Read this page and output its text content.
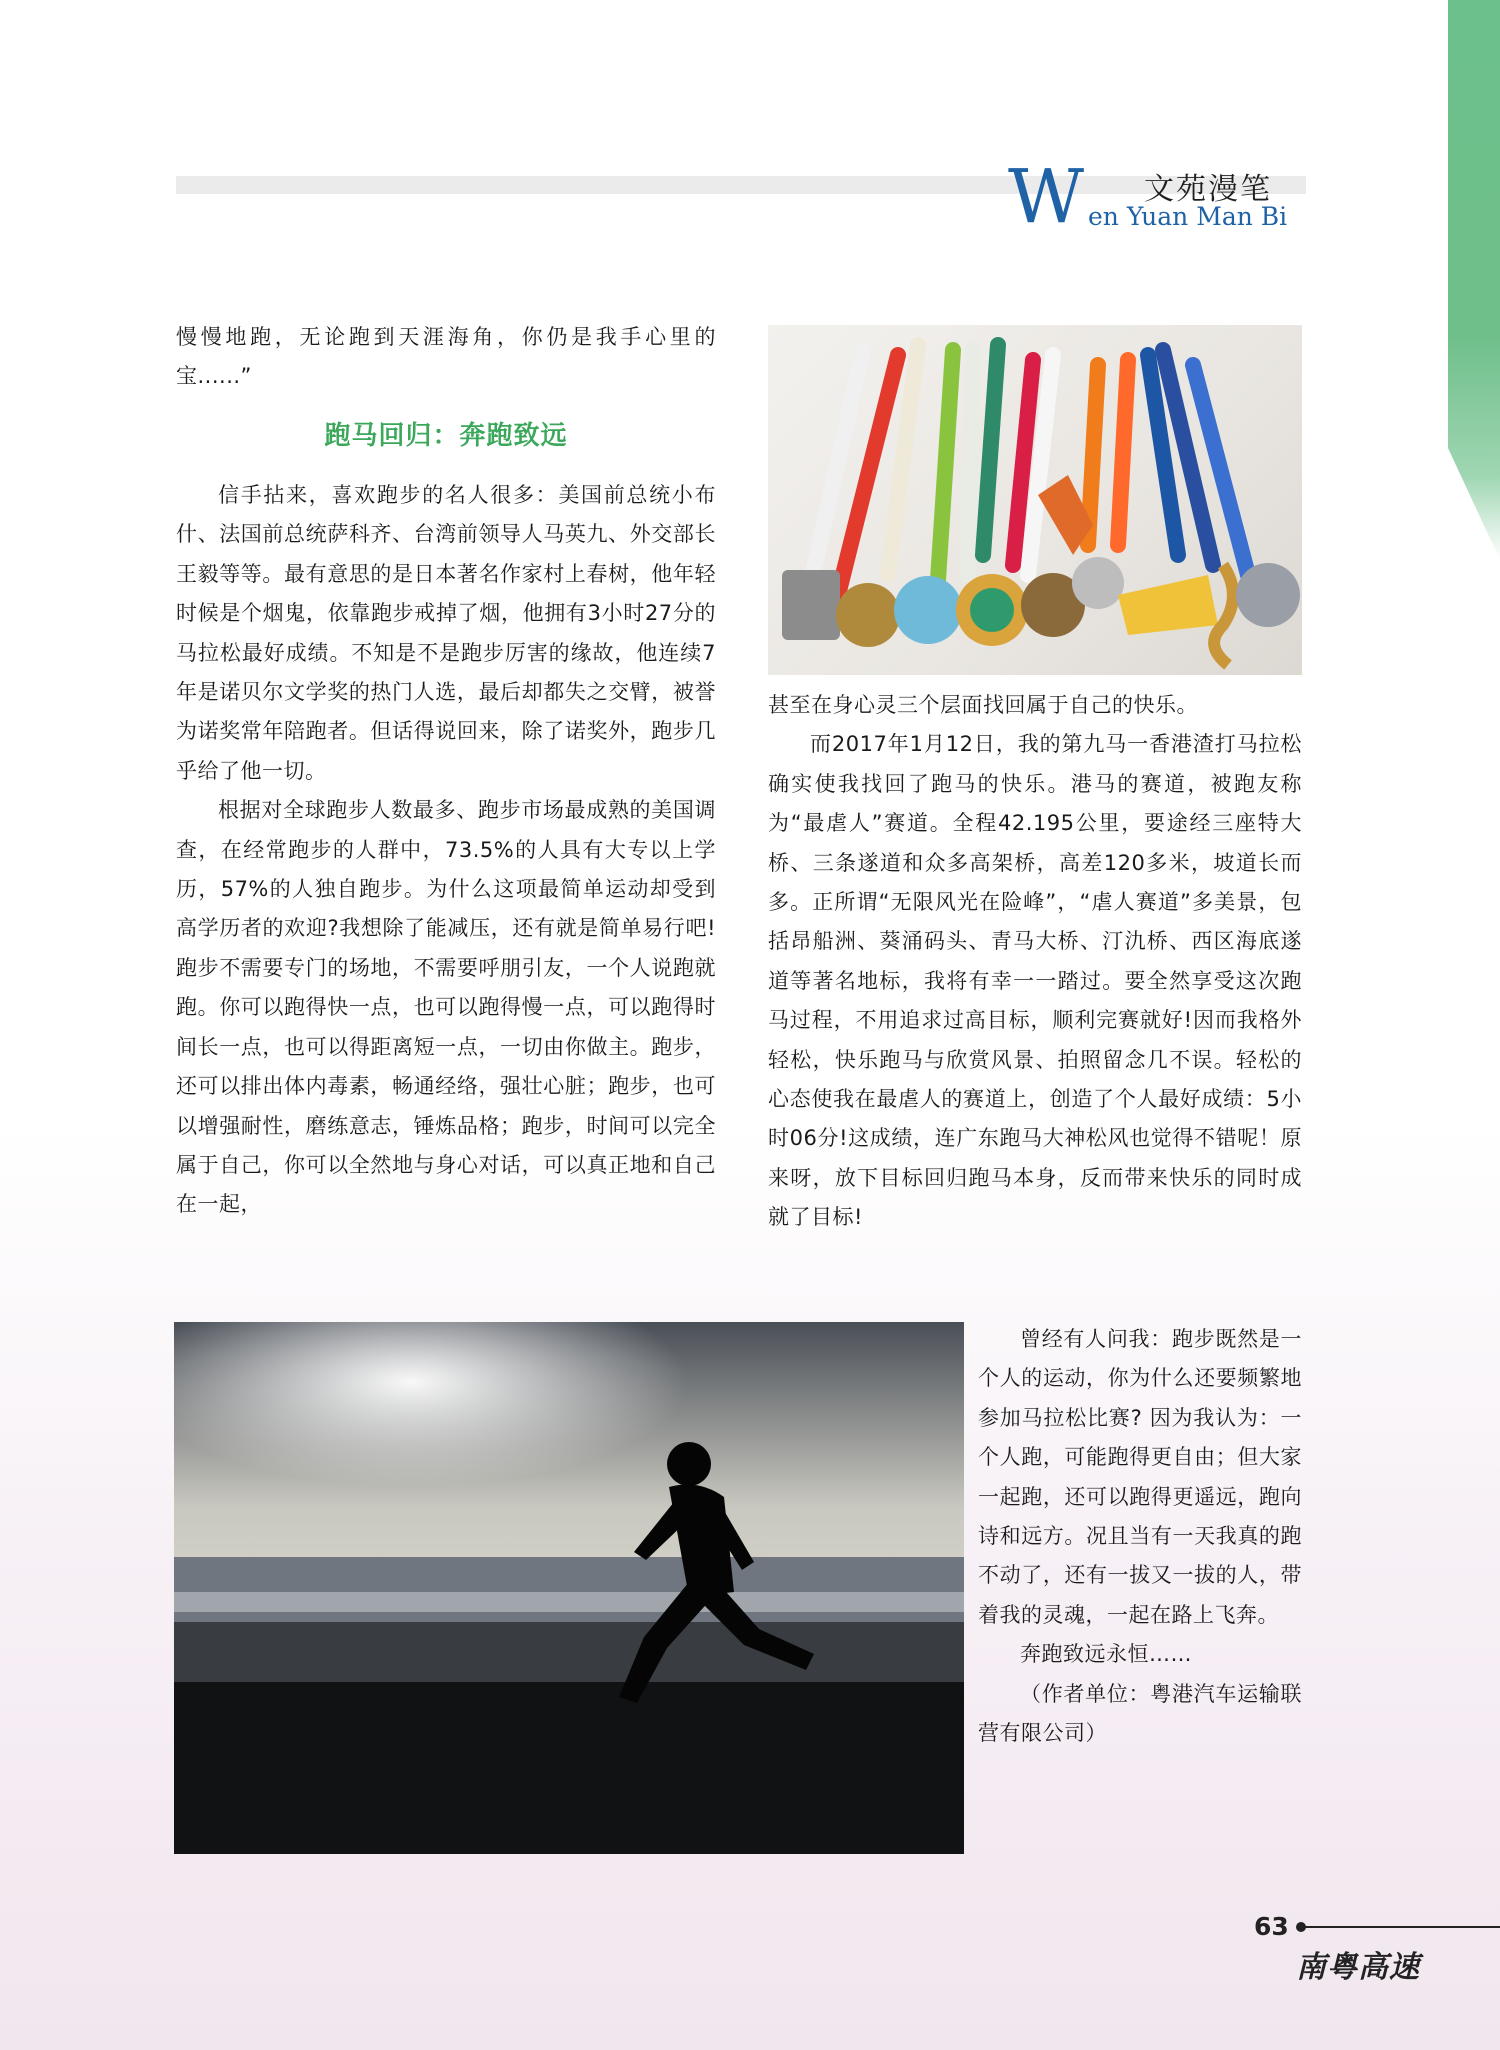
W 文苑漫笔
en Yuan Man Bi

慢慢地跑，无论跑到天涯海角，你仍是我手心里的宝......”

跑马回归：奔跑致远

信手拈来，喜欢跑步的名人很多：美国前总统小布什、法国前总统萨科齐、台湾前领导人马英九、外交部长王毅等等。最有意思的是日本著名作家村上春树，他年轻时候是个烟鬼，依靠跑步戒掉了烟，他拥有3小时27分的马拉松最好成绩。不知是不是跑步厉害的缘故，他连续7年是诺贝尔文学奖的热门人选，最后却都失之交臂，被誉为诺奖常年陪跑者。但话得说回来，除了诺奖外，跑步几乎给了他一切。

根据对全球跑步人数最多、跑步市场最成熟的美国调查，在经常跑步的人群中，73.5%的人具有大专以上学历，57%的人独自跑步。为什么这项最简单运动却受到高学历者的欢迎?我想除了能减压，还有就是简单易行吧!跑步不需要专门的场地，不需要呼朋引友，一个人说跑就跑。你可以跑得快一点，也可以跑得慢一点，可以跑得时间长一点，也可以得距离短一点，一切由你做主。跑步，还可以排出体内毒素，畅通经络，强壮心脏；跑步，也可以增强耐性，磨练意志，锤炼品格；跑步，时间可以完全属于自己，你可以全然地与身心对话，可以真正地和自己在一起，

甚至在身心灵三个层面找回属于自己的快乐。

而2017年1月12日，我的第九马一香港渣打马拉松确实使我找回了跑马的快乐。港马的赛道，被跑友称为“最虐人”赛道。全程42.195公里，要途经三座特大桥、三条遂道和众多高架桥，高差120多米，坡道长而多。正所谓“无限风光在险峰”，“虐人赛道”多美景，包括昂船洲、葵涌码头、青马大桥、汀氿桥、西区海底遂道等著名地标，我将有幸一一踏过。要全然享受这次跑马过程，不用追求过高目标，顺利完赛就好!因而我格外轻松，快乐跑马与欣赏风景、拍照留念几不误。轻松的心态使我在最虐人的赛道上，创造了个人最好成绩：5小时06分!这成绩，连广东跑马大神松风也觉得不错呢！原来呀，放下目标回归跑马本身，反而带来快乐的同时成就了目标!

曾经有人问我：跑步既然是一个人的运动，你为什么还要频繁地参加马拉松比赛? 因为我认为：一个人跑，可能跑得更自由；但大家一起跑，还可以跑得更遥远，跑向诗和远方。况且当有一天我真的跑不动了，还有一拔又一拔的人，带着我的灵魂，一起在路上飞奔。

奔跑致远永恒……

（作者单位：粤港汽车运输联营有限公司）

63
南粤高速
